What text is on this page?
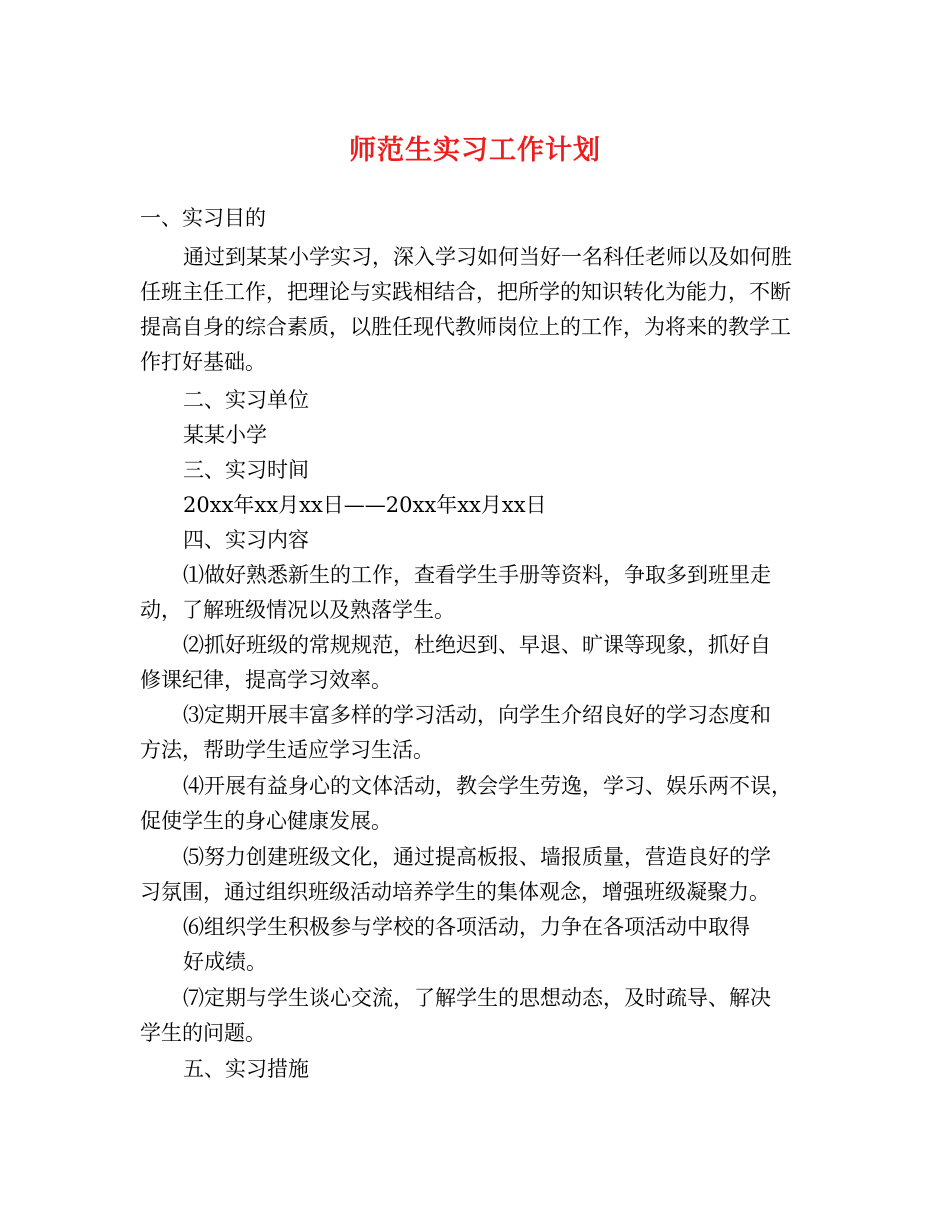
师范生实习工作计划

一、实习目的

通过到某某小学实习，深入学习如何当好一名科任老师以及如何胜

任班主任工作，把理论与实践相结合，把所学的知识转化为能力，不断

提高自身的综合素质，以胜任现代教师岗位上的工作，为将来的教学工

作打好基础。

二、实习单位

某某小学

三、实习时间

20xx年xx月xx日——20xx年xx月xx日

四、实习内容

⑴做好熟悉新生的工作，查看学生手册等资料，争取多到班里走

动，了解班级情况以及熟落学生。

⑵抓好班级的常规规范，杜绝迟到、早退、旷课等现象，抓好自

修课纪律，提高学习效率。

⑶定期开展丰富多样的学习活动，向学生介绍良好的学习态度和

方法，帮助学生适应学习生活。

⑷开展有益身心的文体活动，教会学生劳逸，学习、娱乐两不误，

促使学生的身心健康发展。

⑸努力创建班级文化，通过提高板报、墙报质量，营造良好的学

习氛围，通过组织班级活动培养学生的集体观念，增强班级凝聚力。

⑹组织学生积极参与学校的各项活动，力争在各项活动中取得

好成绩。

⑺定期与学生谈心交流，了解学生的思想动态，及时疏导、解决

学生的问题。

五、实习措施
